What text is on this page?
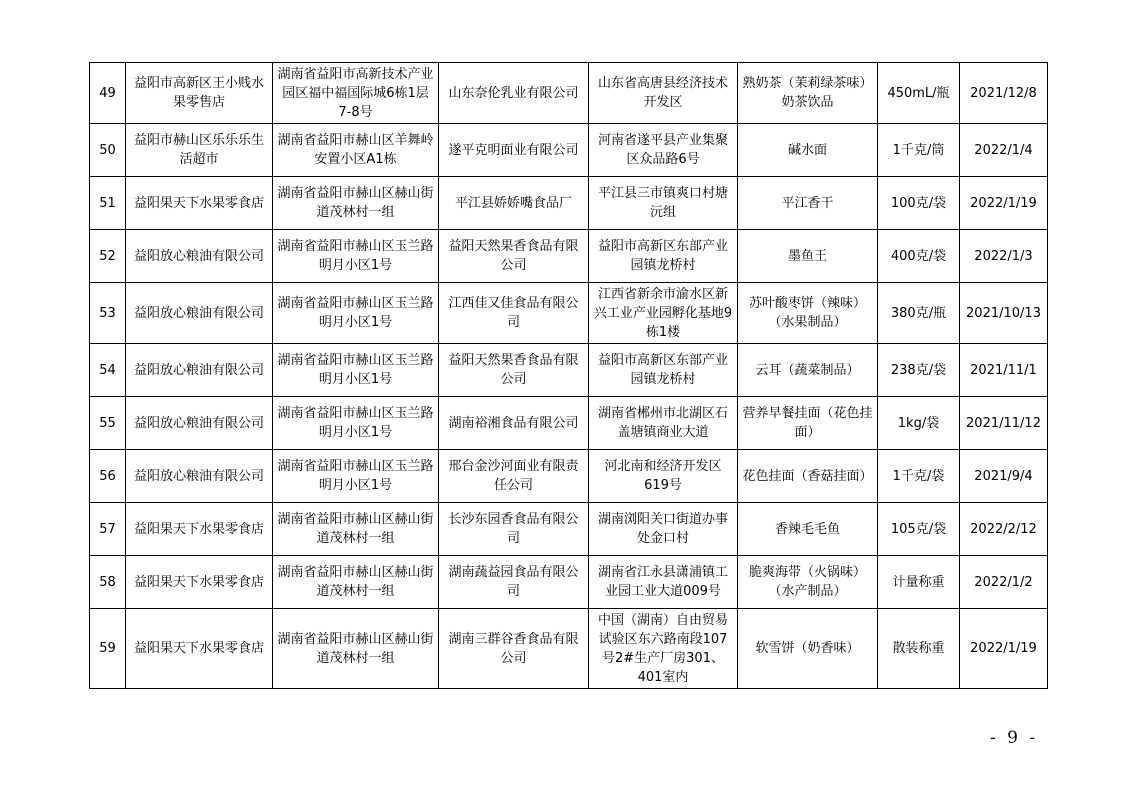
49	益阳市高新区王小贱水果零售店	湖南省益阳市高新技术产业园区福中福国际城6栋1层7-8号	山东奈伦乳业有限公司	山东省高唐县经济技术开发区	熟奶茶（茉莉绿茶味）奶茶饮品	450mL/瓶	2021/12/8
50	益阳市赫山区乐乐乐生活超市	湖南省益阳市赫山区羊舞岭安置小区A1栋	遂平克明面业有限公司	河南省遂平县产业集聚区众品路6号	碱水面	1千克/筒	2022/1/4
51	益阳果天下水果零食店	湖南省益阳市赫山区赫山街道茂林村一组	平江县娇娇嘴食品厂	平江县三市镇爽口村塘沅组	平江香干	100克/袋	2022/1/19
52	益阳放心粮油有限公司	湖南省益阳市赫山区玉兰路明月小区1号	益阳天然果香食品有限公司	益阳市高新区东部产业园镇龙桥村	墨鱼王	400克/袋	2022/1/3
53	益阳放心粮油有限公司	湖南省益阳市赫山区玉兰路明月小区1号	江西佳又佳食品有限公司	江西省新余市渝水区新兴工业产业园孵化基地9栋1楼	苏叶酸枣饼（辣味）（水果制品）	380克/瓶	2021/10/13
54	益阳放心粮油有限公司	湖南省益阳市赫山区玉兰路明月小区1号	益阳天然果香食品有限公司	益阳市高新区东部产业园镇龙桥村	云耳（蔬菜制品）	238克/袋	2021/11/1
55	益阳放心粮油有限公司	湖南省益阳市赫山区玉兰路明月小区1号	湖南裕湘食品有限公司	湖南省郴州市北湖区石盖塘镇商业大道	营养早餐挂面（花色挂面）	1kg/袋	2021/11/12
56	益阳放心粮油有限公司	湖南省益阳市赫山区玉兰路明月小区1号	邢台金沙河面业有限责任公司	河北南和经济开发区619号	花色挂面（香菇挂面）	1千克/袋	2021/9/4
57	益阳果天下水果零食店	湖南省益阳市赫山区赫山街道茂林村一组	长沙东园香食品有限公司	湖南浏阳关口街道办事处金口村	香辣毛毛鱼	105克/袋	2022/2/12
58	益阳果天下水果零食店	湖南省益阳市赫山区赫山街道茂林村一组	湖南蔬益园食品有限公司	湖南省江永县潇浦镇工业园工业大道009号	脆爽海带（火锅味）（水产制品）	计量称重	2022/1/2
59	益阳果天下水果零食店	湖南省益阳市赫山区赫山街道茂林村一组	湖南三群谷香食品有限公司	中国（湖南）自由贸易试验区东六路南段107号2#生产厂房301、401室内	软雪饼（奶香味）	散装称重	2022/1/19
- 9 -
